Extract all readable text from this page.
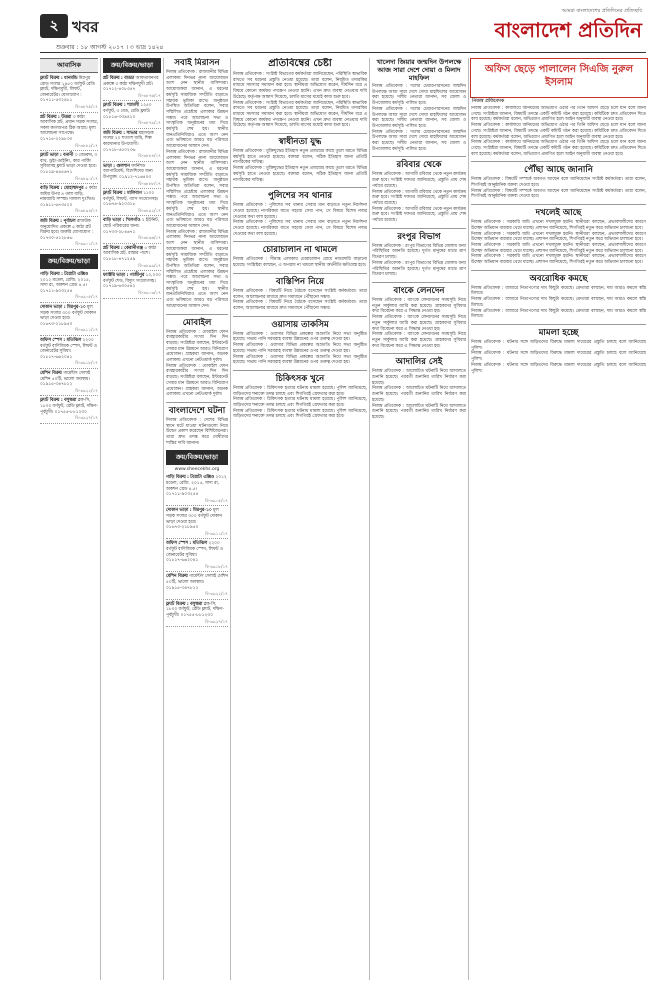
২ খবর
শুক্রবার : ১৮ আগস্ট ২০১৭ । ৩ ভাদ্র ১৪২৪
আমরা বাংলাদেশের প্রতিদিনের প্রতিচ্ছবি
বাংলাদেশ প্রতিদিন
আবাসিক
ফ্ল্যাট বিক্রয় : ধানমন্ডি মিরপুর রোড সংলগ্ন ১৪৫০ বর্গফুট রেডি ফ্ল্যাট, দক্ষিণমুখী, লিফট, জেনারেটর। যোগাযোগ : ০১৭১১-৫৩২৪৮১
বি-৩৮৭৫/১৭
প্লট বিক্রয় : উত্তরা ৩ কাঠা আবাসিক প্লট, প্রধান সড়ক সংলগ্ন, সকল কাগজপত্র ঠিক আছে। মূল্য আলোচনা সাপেক্ষে। ০১৭১৫-২২৯৮৩০
বি-৩৮৮২/১৭
ফ্ল্যাট ভাড়া : বনানী ৩ বেডরুম, ৩ বাথ, ড্রইং-ডাইনিং, কার পার্কিং সুবিধাসহ ফ্ল্যাট ভাড়া দেওয়া হবে। ০১৮১৯-৪৪৫৬৭১
বি-৩৮৯০/১৭
বাড়ি বিক্রয় : মোহাম্মদপুর ৫ কাঠা জমির উপর ৪ তলা বাড়ি, নামজারি সম্পন্ন। দালাল দুঃখিত। ০১৯১১-৬৭৩৫২০
বি-৩৮৯৪/১৭
জমি বিক্রয় : পূর্বাচল রাজউক অনুমোদিত প্রকল্পে ৫ কাঠা প্লট বিক্রয় হবে। জরুরি যোগাযোগ : ০১৭৩০-৫১২৮৪৬
বি-৩৯০১/১৭
ক্রয়/বিক্রয়/ভাড়া
গাড়ি বিক্রয় : টয়োটা এক্সিও ২০১২ মডেল, রেজি. ২০১৫, সাদা রং, অকশন গ্রেড ৪.৫। ০১৭১১-৯০৩২৫৪
বি-৩৯০৫/১৭
দোকান ভাড়া : মিরপুর-১০ মূল সড়ক সংলগ্ন ৩০০ বর্গফুট দোকান ভাড়া দেওয়া হবে। ০১৬৭৩-২১৮৯৫০
বি-৩৯১১/১৭
অফিস স্পেস : মতিঝিল ২২০০ বর্গফুট বাণিজ্যিক স্পেস, লিফট ও জেনারেটর সুবিধা। ০১৮১৭-৬৬২০৪১
বি-৩৯১৮/১৭
মেশিন বিক্রয় গার্মেন্টস সেলাই মেশিন ৫০টি, ভালো অবস্থায়। ০১৯১৫-৩৪৭৮১২
বি-৩৯২২/১৭
ফ্ল্যাট বিক্রয় : বসুন্ধরা ব্লক-সি, ১৮০০ বর্গফুট, রেডি ফ্ল্যাট, দক্ষিণ-পূর্বমুখী। ০১৭৫৫-৮৮১২৩০
বি-৩৯২৭/১৭
ক্রয়/বিক্রয়/ভাড়া
প্লট বিক্রয় : বাড্ডা আফতাবনগর প্রকল্পে ৩ কাঠা দক্ষিণমুখী প্লট। ০১৭১২-৪০৮৩৫৭
বি-৩৮৭৬/১৭
ফ্ল্যাট বিক্রয় : শ্যামলী ১২৫০ বর্গফুট, ৩ বেড, রেডি ফ্ল্যাট। ০১৮১৬-৩৩৯৪২০
বি-৩৮৭৯/১৭
জমি বিক্রয় : সাভার মহাসড়ক সংলগ্ন ২০ শতাংশ জমি, শিল্প কারখানার উপযোগী। ০১৭১৮-৫৫০২৩৬
বি-৩৮৮৪/১৭
ভাড়া : গুলশান ফার্নিশড অ্যাপার্টমেন্ট, বিদেশিদের জন্য উপযুক্ত। ০১৯১২-৭১৬৪০৩
বি-৩৮৮৮/১৭
ফ্ল্যাট বিক্রয় : মালিবাগ ১১০০ বর্গফুট, লিফট, গ্যাস সংযোগসহ। ০১৬৭৪-৯২০৩১৮
বি-৩৮৯২/১৭
বাড়ি ভাড়া : খিলগাঁও ২ ইউনিট, ছোট পরিবারের জন্য। ০১৭৩৩-২৮৪৬৭১
বি-৩৮৯৬/১৭
প্লট বিক্রয় : কেরানীগঞ্জ ৫ কাঠা আবাসিক প্লট, রাস্তার পাশে। ০১৮১৮-৪৭১২৫৯
বি-৩৮৯৯/১৭
ফ্যাক্টরি ভাড়া : গাজীপুর ১০,০০০ বর্গফুট শেড, বিদ্যুৎ সংযোগসহ। ০১৭১৯-৬৩০৫৪২
বি-৩৯০৩/১৭
সবাই মিরাসন
নিজস্ব প্রতিবেদক : রাজধানীর বিভিন্ন এলাকায় দিনভর নানা আয়োজনে অংশ নেন স্থানীয় বাসিন্দারা। আয়োজকরা জানান, এ ধরনের কর্মসূচি সামাজিক সম্প্রীতি বাড়াতে সহায়ক ভূমিকা রাখে। অনুষ্ঠানে উপস্থিত অতিথিরা বলেন, সবার সম্মিলিত প্রচেষ্টায় এলাকার উন্নয়ন সম্ভব। পরে আলোচনা সভা ও সাংস্কৃতিক অনুষ্ঠানের মধ্য দিয়ে কর্মসূচি শেষ হয়। স্থানীয় জনপ্রতিনিধিরাও এতে অংশ নেন এবং ভবিষ্যতে আরও বড় পরিসরে আয়োজনের আশ্বাস দেন।
নিজস্ব প্রতিবেদক : রাজধানীর বিভিন্ন এলাকায় দিনভর নানা আয়োজনে অংশ নেন স্থানীয় বাসিন্দারা। আয়োজকরা জানান, এ ধরনের কর্মসূচি সামাজিক সম্প্রীতি বাড়াতে সহায়ক ভূমিকা রাখে। অনুষ্ঠানে উপস্থিত অতিথিরা বলেন, সবার সম্মিলিত প্রচেষ্টায় এলাকার উন্নয়ন সম্ভব। পরে আলোচনা সভা ও সাংস্কৃতিক অনুষ্ঠানের মধ্য দিয়ে কর্মসূচি শেষ হয়। স্থানীয় জনপ্রতিনিধিরাও এতে অংশ নেন এবং ভবিষ্যতে আরও বড় পরিসরে আয়োজনের আশ্বাস দেন।
নিজস্ব প্রতিবেদক : রাজধানীর বিভিন্ন এলাকায় দিনভর নানা আয়োজনে অংশ নেন স্থানীয় বাসিন্দারা। আয়োজকরা জানান, এ ধরনের কর্মসূচি সামাজিক সম্প্রীতি বাড়াতে সহায়ক ভূমিকা রাখে। অনুষ্ঠানে উপস্থিত অতিথিরা বলেন, সবার সম্মিলিত প্রচেষ্টায় এলাকার উন্নয়ন সম্ভব। পরে আলোচনা সভা ও সাংস্কৃতিক অনুষ্ঠানের মধ্য দিয়ে কর্মসূচি শেষ হয়। স্থানীয় জনপ্রতিনিধিরাও এতে অংশ নেন এবং ভবিষ্যতে আরও বড় পরিসরে আয়োজনের আশ্বাস দেন।
মোবাইল
নিজস্ব প্রতিবেদক : মোবাইল ফোন ব্যবহারকারীর সংখ্যা দিন দিন বাড়ছে। সংশ্লিষ্টরা বলছেন, ইন্টারনেট সেবার মান উন্নয়নে আরও বিনিয়োগ প্রয়োজন। গ্রাহকরা জানান, অনেক এলাকায় এখনো নেটওয়ার্ক দুর্বল।
নিজস্ব প্রতিবেদক : মোবাইল ফোন ব্যবহারকারীর সংখ্যা দিন দিন বাড়ছে। সংশ্লিষ্টরা বলছেন, ইন্টারনেট সেবার মান উন্নয়নে আরও বিনিয়োগ প্রয়োজন। গ্রাহকরা জানান, অনেক এলাকায় এখনো নেটওয়ার্ক দুর্বল।
বাংলাদেশে ঘটনা
নিজস্ব প্রতিবেদক : দেশের বিভিন্ন স্থানে ঘটে যাওয়া ঘটনাগুলো নিয়ে উদ্বেগ প্রকাশ করেছেন বিশিষ্টজনেরা। তারা দ্রুত তদন্ত করে দোষীদের শাস্তির দাবি জানান।
ক্রয়/বিক্রয়/ভাড়া
www.sheecekhs.org
গাড়ি বিক্রয় : টয়োটা এক্সিও ২০১২ মডেল, রেজি. ২০১৫, সাদা রং, অকশন গ্রেড ৪.৫। ০১৭১১-৯০৩২৫৪
বি-৩৯০৫/১৭
দোকান ভাড়া : মিরপুর-১০ মূল সড়ক সংলগ্ন ৩০০ বর্গফুট দোকান ভাড়া দেওয়া হবে। ০১৬৭৩-২১৮৯৫০
বি-৩৯১১/১৭
অফিস স্পেস : মতিঝিল ২২০০ বর্গফুট বাণিজ্যিক স্পেস, লিফট ও জেনারেটর সুবিধা। ০১৮১৭-৬৬২০৪১
বি-৩৯১৮/১৭
মেশিন বিক্রয় গার্মেন্টস সেলাই মেশিন ৫০টি, ভালো অবস্থায়। ০১৯১৫-৩৪৭৮১২
বি-৩৯২২/১৭
ফ্ল্যাট বিক্রয় : বসুন্ধরা ব্লক-সি, ১৮০০ বর্গফুট, রেডি ফ্ল্যাট, দক্ষিণ-পূর্বমুখী। ০১৭৫৫-৮৮১২৩০
বি-৩৯২৭/১৭
প্রতিবিম্বের চেষ্টা
নিজস্ব প্রতিবেদক : সংশ্লিষ্ট বিভাগের কর্মকর্তারা জানিয়েছেন, পরিস্থিতি স্বাভাবিক রাখতে সব ধরনের প্রস্তুতি নেওয়া হয়েছে। তারা বলেন, নিয়মিত তদারকির মাধ্যমে সমস্যার সমাধান করা হবে। স্থানীয়রা অভিযোগ করেন, দীর্ঘদিন ধরে এ বিষয়ে কোনো কার্যকর পদক্ষেপ নেওয়া হয়নি। এখন দ্রুত ব্যবস্থা নেওয়ার দাবি উঠেছে। কর্তৃপক্ষ আশ্বাস দিয়েছে, চলতি মাসের মধ্যেই কাজ শুরু হবে।
নিজস্ব প্রতিবেদক : সংশ্লিষ্ট বিভাগের কর্মকর্তারা জানিয়েছেন, পরিস্থিতি স্বাভাবিক রাখতে সব ধরনের প্রস্তুতি নেওয়া হয়েছে। তারা বলেন, নিয়মিত তদারকির মাধ্যমে সমস্যার সমাধান করা হবে। স্থানীয়রা অভিযোগ করেন, দীর্ঘদিন ধরে এ বিষয়ে কোনো কার্যকর পদক্ষেপ নেওয়া হয়নি। এখন দ্রুত ব্যবস্থা নেওয়ার দাবি উঠেছে। কর্তৃপক্ষ আশ্বাস দিয়েছে, চলতি মাসের মধ্যেই কাজ শুরু হবে।
স্বাধীনতা যুদ্ধ
নিজস্ব প্রতিবেদক : মুক্তিযুদ্ধের ইতিহাস নতুন প্রজন্মের কাছে তুলে ধরতে বিভিন্ন কর্মসূচি হাতে নেওয়া হয়েছে। বক্তারা বলেন, সঠিক ইতিহাস জানা প্রতিটি নাগরিকের দায়িত্ব।
নিজস্ব প্রতিবেদক : মুক্তিযুদ্ধের ইতিহাস নতুন প্রজন্মের কাছে তুলে ধরতে বিভিন্ন কর্মসূচি হাতে নেওয়া হয়েছে। বক্তারা বলেন, সঠিক ইতিহাস জানা প্রতিটি নাগরিকের দায়িত্ব।
পুলিশের সব থানার
নিজস্ব প্রতিবেদক : পুলিশের সব থানায় সেবার মান বাড়াতে নতুন নির্দেশনা দেওয়া হয়েছে। নাগরিকরা যাতে সহজে সেবা পান, সে বিষয়ে বিশেষ নজর দেওয়ার কথা বলা হয়েছে।
নিজস্ব প্রতিবেদক : পুলিশের সব থানায় সেবার মান বাড়াতে নতুন নির্দেশনা দেওয়া হয়েছে। নাগরিকরা যাতে সহজে সেবা পান, সে বিষয়ে বিশেষ নজর দেওয়ার কথা বলা হয়েছে।
চোরাচালান না থামলে
নিজস্ব প্রতিবেদক : সীমান্ত এলাকায় চোরাচালান রোধে নজরদারি বাড়ানো হয়েছে। সংশ্লিষ্টরা বলছেন, এ অপরাধ না থামলে স্থানীয় অর্থনীতি ক্ষতিগ্রস্ত হবে।
বাস্তিপিন নিয়ে
নিজস্ব প্রতিবেদক : বিষয়টি নিয়ে বৈঠকে বসেছেন সংশ্লিষ্ট কর্মকর্তারা। তারা বলেন, আলোচনার মাধ্যমে দ্রুত সমাধানে পৌঁছানো সম্ভব।
নিজস্ব প্রতিবেদক : বিষয়টি নিয়ে বৈঠকে বসেছেন সংশ্লিষ্ট কর্মকর্তারা। তারা বলেন, আলোচনার মাধ্যমে দ্রুত সমাধানে পৌঁছানো সম্ভব।
ওয়াসায় তাকসিম
নিজস্ব প্রতিবেদক : ওয়াসার বিভিন্ন প্রকল্পের অগ্রগতি নিয়ে সভা অনুষ্ঠিত হয়েছে। সভায় পানি সরবরাহ ব্যবস্থা উন্নয়নের ওপর গুরুত্ব দেওয়া হয়।
নিজস্ব প্রতিবেদক : ওয়াসার বিভিন্ন প্রকল্পের অগ্রগতি নিয়ে সভা অনুষ্ঠিত হয়েছে। সভায় পানি সরবরাহ ব্যবস্থা উন্নয়নের ওপর গুরুত্ব দেওয়া হয়।
নিজস্ব প্রতিবেদক : ওয়াসার বিভিন্ন প্রকল্পের অগ্রগতি নিয়ে সভা অনুষ্ঠিত হয়েছে। সভায় পানি সরবরাহ ব্যবস্থা উন্নয়নের ওপর গুরুত্ব দেওয়া হয়।
চিকিৎসক খুনে
নিজস্ব প্রতিবেদক : চিকিৎসক হত্যার ঘটনায় মামলা হয়েছে। পুলিশ জানিয়েছে, জড়িতদের শনাক্তে তদন্ত চলছে এবং শিগগিরই গ্রেফতার করা হবে।
নিজস্ব প্রতিবেদক : চিকিৎসক হত্যার ঘটনায় মামলা হয়েছে। পুলিশ জানিয়েছে, জড়িতদের শনাক্তে তদন্ত চলছে এবং শিগগিরই গ্রেফতার করা হবে।
নিজস্ব প্রতিবেদক : চিকিৎসক হত্যার ঘটনায় মামলা হয়েছে। পুলিশ জানিয়েছে, জড়িতদের শনাক্তে তদন্ত চলছে এবং শিগগিরই গ্রেফতার করা হবে।
খালেদা জিয়ার জন্মদিন উপলক্ষে আজ সারা দেশে দোয়া ও মিলাদ মাহফিল
নিজস্ব প্রতিবেদক : দলের চেয়ারপারসনের জন্মদিন উপলক্ষে আজ সারা দেশে দোয়া মাহফিলের আয়োজন করা হয়েছে। দলীয় নেতারা জানান, সব জেলা ও উপজেলায় কর্মসূচি পালিত হবে।
নিজস্ব প্রতিবেদক : দলের চেয়ারপারসনের জন্মদিন উপলক্ষে আজ সারা দেশে দোয়া মাহফিলের আয়োজন করা হয়েছে। দলীয় নেতারা জানান, সব জেলা ও উপজেলায় কর্মসূচি পালিত হবে।
নিজস্ব প্রতিবেদক : দলের চেয়ারপারসনের জন্মদিন উপলক্ষে আজ সারা দেশে দোয়া মাহফিলের আয়োজন করা হয়েছে। দলীয় নেতারা জানান, সব জেলা ও উপজেলায় কর্মসূচি পালিত হবে।
রবিবার থেকে
নিজস্ব প্রতিবেদক : আগামী রবিবার থেকে নতুন কার্যক্রম শুরু হবে। সংশ্লিষ্ট দফতর জানিয়েছে, প্রস্তুতি প্রায় শেষ পর্যায়ে রয়েছে।
নিজস্ব প্রতিবেদক : আগামী রবিবার থেকে নতুন কার্যক্রম শুরু হবে। সংশ্লিষ্ট দফতর জানিয়েছে, প্রস্তুতি প্রায় শেষ পর্যায়ে রয়েছে।
নিজস্ব প্রতিবেদক : আগামী রবিবার থেকে নতুন কার্যক্রম শুরু হবে। সংশ্লিষ্ট দফতর জানিয়েছে, প্রস্তুতি প্রায় শেষ পর্যায়ে রয়েছে।
রংপুর বিভাগ
নিজস্ব প্রতিবেদক : রংপুর বিভাগের বিভিন্ন জেলায় বন্যা পরিস্থিতির অবনতি হয়েছে। দুর্গত মানুষের মাঝে ত্রাণ বিতরণ চলছে।
নিজস্ব প্রতিবেদক : রংপুর বিভাগের বিভিন্ন জেলায় বন্যা পরিস্থিতির অবনতি হয়েছে। দুর্গত মানুষের মাঝে ত্রাণ বিতরণ চলছে।
বাংকে লেনদেন
নিজস্ব প্রতিবেদক : ব্যাংকে লেনদেনের সময়সূচি নিয়ে নতুন সার্কুলার জারি করা হয়েছে। গ্রাহকদের সুবিধার কথা বিবেচনা করে এ সিদ্ধান্ত নেওয়া হয়।
নিজস্ব প্রতিবেদক : ব্যাংকে লেনদেনের সময়সূচি নিয়ে নতুন সার্কুলার জারি করা হয়েছে। গ্রাহকদের সুবিধার কথা বিবেচনা করে এ সিদ্ধান্ত নেওয়া হয়।
নিজস্ব প্রতিবেদক : ব্যাংকে লেনদেনের সময়সূচি নিয়ে নতুন সার্কুলার জারি করা হয়েছে। গ্রাহকদের সুবিধার কথা বিবেচনা করে এ সিদ্ধান্ত নেওয়া হয়।
আদালির সেই
নিজস্ব প্রতিবেদক : আলোচিত ঘটনাটি নিয়ে আদালতে শুনানি হয়েছে। পরবর্তী শুনানির তারিখ নির্ধারণ করা হয়েছে।
নিজস্ব প্রতিবেদক : আলোচিত ঘটনাটি নিয়ে আদালতে শুনানি হয়েছে। পরবর্তী শুনানির তারিখ নির্ধারণ করা হয়েছে।
নিজস্ব প্রতিবেদক : আলোচিত ঘটনাটি নিয়ে আদালতে শুনানি হয়েছে। পরবর্তী শুনানির তারিখ নির্ধারণ করা হয়েছে।
অফিস ছেড়ে পালালেন সিএজি নুরুল ইসলাম
নিজস্ব প্রতিবেদক
নিজস্ব প্রতিবেদক : কার্যালয়ে অনিয়মের অভিযোগ ওঠার পর তিনি অফিস ছেড়ে চলে যান বলে জানা গেছে। সংশ্লিষ্টরা জানান, বিষয়টি তদন্তে একটি কমিটি গঠন করা হয়েছে। কমিটিকে দ্রুত প্রতিবেদন দিতে বলা হয়েছে। কর্মকর্তারা বলেন, অভিযোগ প্রমাণিত হলে আইন অনুযায়ী ব্যবস্থা নেওয়া হবে।
নিজস্ব প্রতিবেদক : কার্যালয়ে অনিয়মের অভিযোগ ওঠার পর তিনি অফিস ছেড়ে চলে যান বলে জানা গেছে। সংশ্লিষ্টরা জানান, বিষয়টি তদন্তে একটি কমিটি গঠন করা হয়েছে। কমিটিকে দ্রুত প্রতিবেদন দিতে বলা হয়েছে। কর্মকর্তারা বলেন, অভিযোগ প্রমাণিত হলে আইন অনুযায়ী ব্যবস্থা নেওয়া হবে।
নিজস্ব প্রতিবেদক : কার্যালয়ে অনিয়মের অভিযোগ ওঠার পর তিনি অফিস ছেড়ে চলে যান বলে জানা গেছে। সংশ্লিষ্টরা জানান, বিষয়টি তদন্তে একটি কমিটি গঠন করা হয়েছে। কমিটিকে দ্রুত প্রতিবেদন দিতে বলা হয়েছে। কর্মকর্তারা বলেন, অভিযোগ প্রমাণিত হলে আইন অনুযায়ী ব্যবস্থা নেওয়া হবে।
পৌঁছা আছে জানানি
নিজস্ব প্রতিবেদক : বিষয়টি সম্পর্কে অবগত আছেন বলে জানিয়েছেন সংশ্লিষ্ট কর্মকর্তারা। তারা বলেন, শিগগিরই আনুষ্ঠানিক বক্তব্য দেওয়া হবে।
নিজস্ব প্রতিবেদক : বিষয়টি সম্পর্কে অবগত আছেন বলে জানিয়েছেন সংশ্লিষ্ট কর্মকর্তারা। তারা বলেন, শিগগিরই আনুষ্ঠানিক বক্তব্য দেওয়া হবে।
দখলেই আছে
নিজস্ব প্রতিবেদক : সরকারি জমি এখনো দখলমুক্ত হয়নি। স্থানীয়রা বলছেন, প্রভাবশালীদের কারণে উচ্ছেদ অভিযান বারবার থেমে যাচ্ছে। প্রশাসন জানিয়েছে, শিগগিরই নতুন করে অভিযান চালানো হবে।
নিজস্ব প্রতিবেদক : সরকারি জমি এখনো দখলমুক্ত হয়নি। স্থানীয়রা বলছেন, প্রভাবশালীদের কারণে উচ্ছেদ অভিযান বারবার থেমে যাচ্ছে। প্রশাসন জানিয়েছে, শিগগিরই নতুন করে অভিযান চালানো হবে।
নিজস্ব প্রতিবেদক : সরকারি জমি এখনো দখলমুক্ত হয়নি। স্থানীয়রা বলছেন, প্রভাবশালীদের কারণে উচ্ছেদ অভিযান বারবার থেমে যাচ্ছে। প্রশাসন জানিয়েছে, শিগগিরই নতুন করে অভিযান চালানো হবে।
নিজস্ব প্রতিবেদক : সরকারি জমি এখনো দখলমুক্ত হয়নি। স্থানীয়রা বলছেন, প্রভাবশালীদের কারণে উচ্ছেদ অভিযান বারবার থেমে যাচ্ছে। প্রশাসন জানিয়েছে, শিগগিরই নতুন করে অভিযান চালানো হবে।
অবরোধিক কমছে
নিজস্ব প্রতিবেদক : বাজারে নিত্যপণ্যের দাম কিছুটা কমেছে। ক্রেতারা বলছেন, দাম আরও কমলে স্বস্তি মিলবে।
নিজস্ব প্রতিবেদক : বাজারে নিত্যপণ্যের দাম কিছুটা কমেছে। ক্রেতারা বলছেন, দাম আরও কমলে স্বস্তি মিলবে।
নিজস্ব প্রতিবেদক : বাজারে নিত্যপণ্যের দাম কিছুটা কমেছে। ক্রেতারা বলছেন, দাম আরও কমলে স্বস্তি মিলবে।
মামলা হচ্ছে
নিজস্ব প্রতিবেদক : ঘটনার সঙ্গে জড়িতদের বিরুদ্ধে মামলা দায়েরের প্রস্তুতি চলছে বলে জানিয়েছে পুলিশ।
নিজস্ব প্রতিবেদক : ঘটনার সঙ্গে জড়িতদের বিরুদ্ধে মামলা দায়েরের প্রস্তুতি চলছে বলে জানিয়েছে পুলিশ।
নিজস্ব প্রতিবেদক : ঘটনার সঙ্গে জড়িতদের বিরুদ্ধে মামলা দায়েরের প্রস্তুতি চলছে বলে জানিয়েছে পুলিশ।
